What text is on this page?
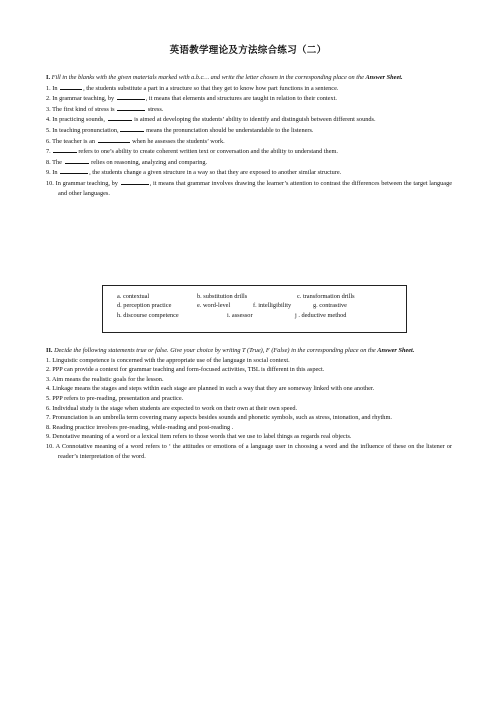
英语教学理论及方法综合练习（二）

I. Fill in the blanks with the given materials marked with a.b.c… and write the letter chosen in the corresponding place on the Answer Sheet.

1. In	, the students substitute a part in a structure so that they get to know how part functions in a sentence.

2. In grammar teaching, by	, it means that elements and structures are taught in relation to their context.

3. The first kind of stress is	stress.

4. In practicing sounds,	is aimed at developing the students’ ability to identify and distinguish between different sounds.

5. In teaching pronunciation,	means the pronunciation should be understandable to the listeners.

6. The teacher is an	when he assesses the students’ work.

7.	refers to one’s ability to create coherent written text or conversation and the ability to understand them.

8. The	relies on reasoning, analyzing and comparing.

9. In	, the students change a given structure in a way so that they are exposed to another similar structure.

10. In grammar teaching, by	, it means that grammar involves drawing the learner’s attention to contrast the differences between the target language and other languages.

a. contextual	b. substitution drills	c. transformation drills
d. perception practice	e. word-level	f. intelligibility	g. contrastive
h. discourse competence	i. assessor	j . deductive method

II. Decide the following statements true or false. Give your choice by writing T (True), F (False) in the corresponding place on the Answer Sheet.

1. Linguistic competence is concerned with the appropriate use of the language in social context.

2. PPP can provide a context for grammar teaching and form-focused activities, TBL is different in this aspect.

3. Aim means the realistic goals for the lesson.

4. Linkage means the stages and steps within each stage are planned in such a way that they are someway linked with one another.

5. PPP refers to pre-reading, presentation and practice.

6. Individual study is the stage when students are expected to work on their own at their own speed.

7. Pronunciation is an umbrella term covering many aspects besides sounds and phonetic symbols, such as stress, intonation, and rhythm.

8. Reading practice involves pre-reading, while-reading and post-reading .

9. Denotative meaning of a word or a lexical item refers to those words that we use to label things as regards real objects.

10. A Connotative meaning of a word refers to ‘ the attitudes or emotions of a language user in choosing a word and the influence of these on the listener or reader’s interpretation of the word.
